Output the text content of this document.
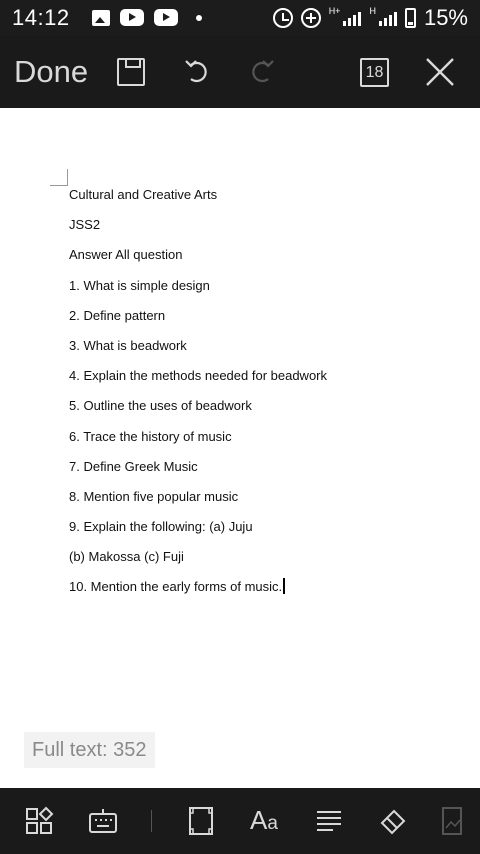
14:12	H+	H 15%
Done	18
Cultural and Creative Arts
JSS2
Answer All question
1. What is simple design
2. Define pattern
3. What is beadwork
4. Explain the methods needed for beadwork
5. Outline the uses of beadwork
6. Trace the history of music
7. Define Greek Music
8. Mention five popular music
9. Explain the following: (a) Juju
(b) Makossa (c) Fuji
10. Mention the early forms of music.
Full text: 352
Aa
